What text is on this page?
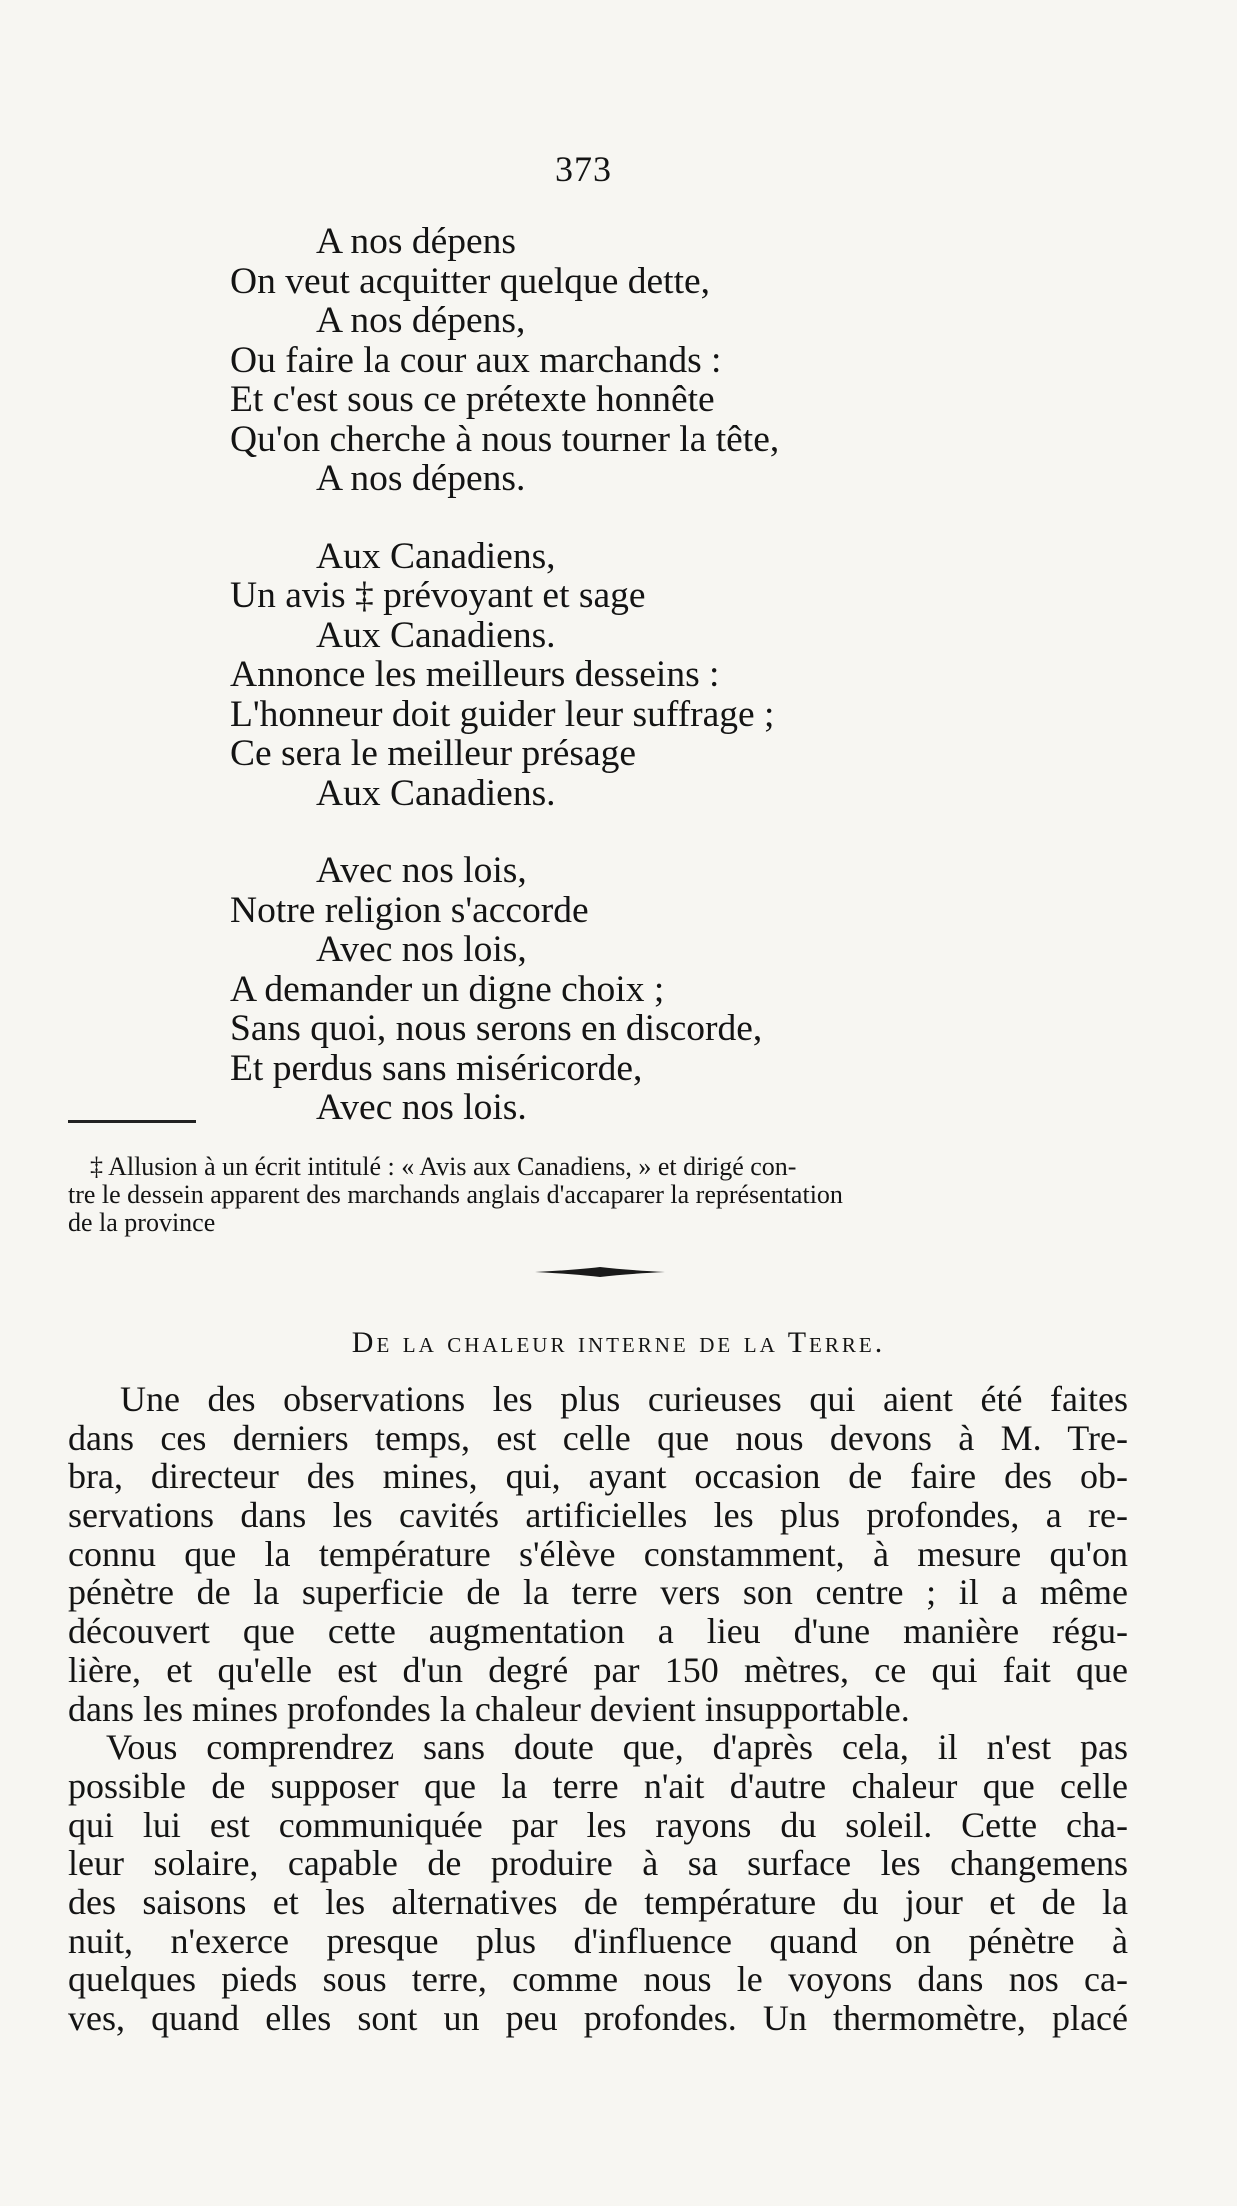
373
A nos dépens
On veut acquitter quelque dette,
A nos dépens,
Ou faire la cour aux marchands :
Et c'est sous ce prétexte honnête
Qu'on cherche à nous tourner la tête,
A nos dépens.
Aux Canadiens,
Un avis ‡ prévoyant et sage
Aux Canadiens.
Annonce les meilleurs desseins :
L'honneur doit guider leur suffrage ;
Ce sera le meilleur présage
Aux Canadiens.
Avec nos lois,
Notre religion s'accorde
Avec nos lois,
A demander un digne choix ;
Sans quoi, nous serons en discorde,
Et perdus sans miséricorde,
Avec nos lois.
‡ Allusion à un écrit intitulé : « Avis aux Canadiens, » et dirigé con-
tre le dessein apparent des marchands anglais d'accaparer la représentation
de la province
De la chaleur interne de la Terre.
Une des observations les plus curieuses qui aient été faites
dans ces derniers temps, est celle que nous devons à M. Tre-
bra, directeur des mines, qui, ayant occasion de faire des ob-
servations dans les cavités artificielles les plus profondes, a re-
connu que la température s'élève constamment, à mesure qu'on
pénètre de la superficie de la terre vers son centre ; il a même
découvert que cette augmentation a lieu d'une manière régu-
lière, et qu'elle est d'un degré par 150 mètres, ce qui fait que
dans les mines profondes la chaleur devient insupportable.
Vous comprendrez sans doute que, d'après cela, il n'est pas
possible de supposer que la terre n'ait d'autre chaleur que celle
qui lui est communiquée par les rayons du soleil. Cette cha-
leur solaire, capable de produire à sa surface les changemens
des saisons et les alternatives de température du jour et de la
nuit, n'exerce presque plus d'influence quand on pénètre à
quelques pieds sous terre, comme nous le voyons dans nos ca-
ves, quand elles sont un peu profondes. Un thermomètre, placé
